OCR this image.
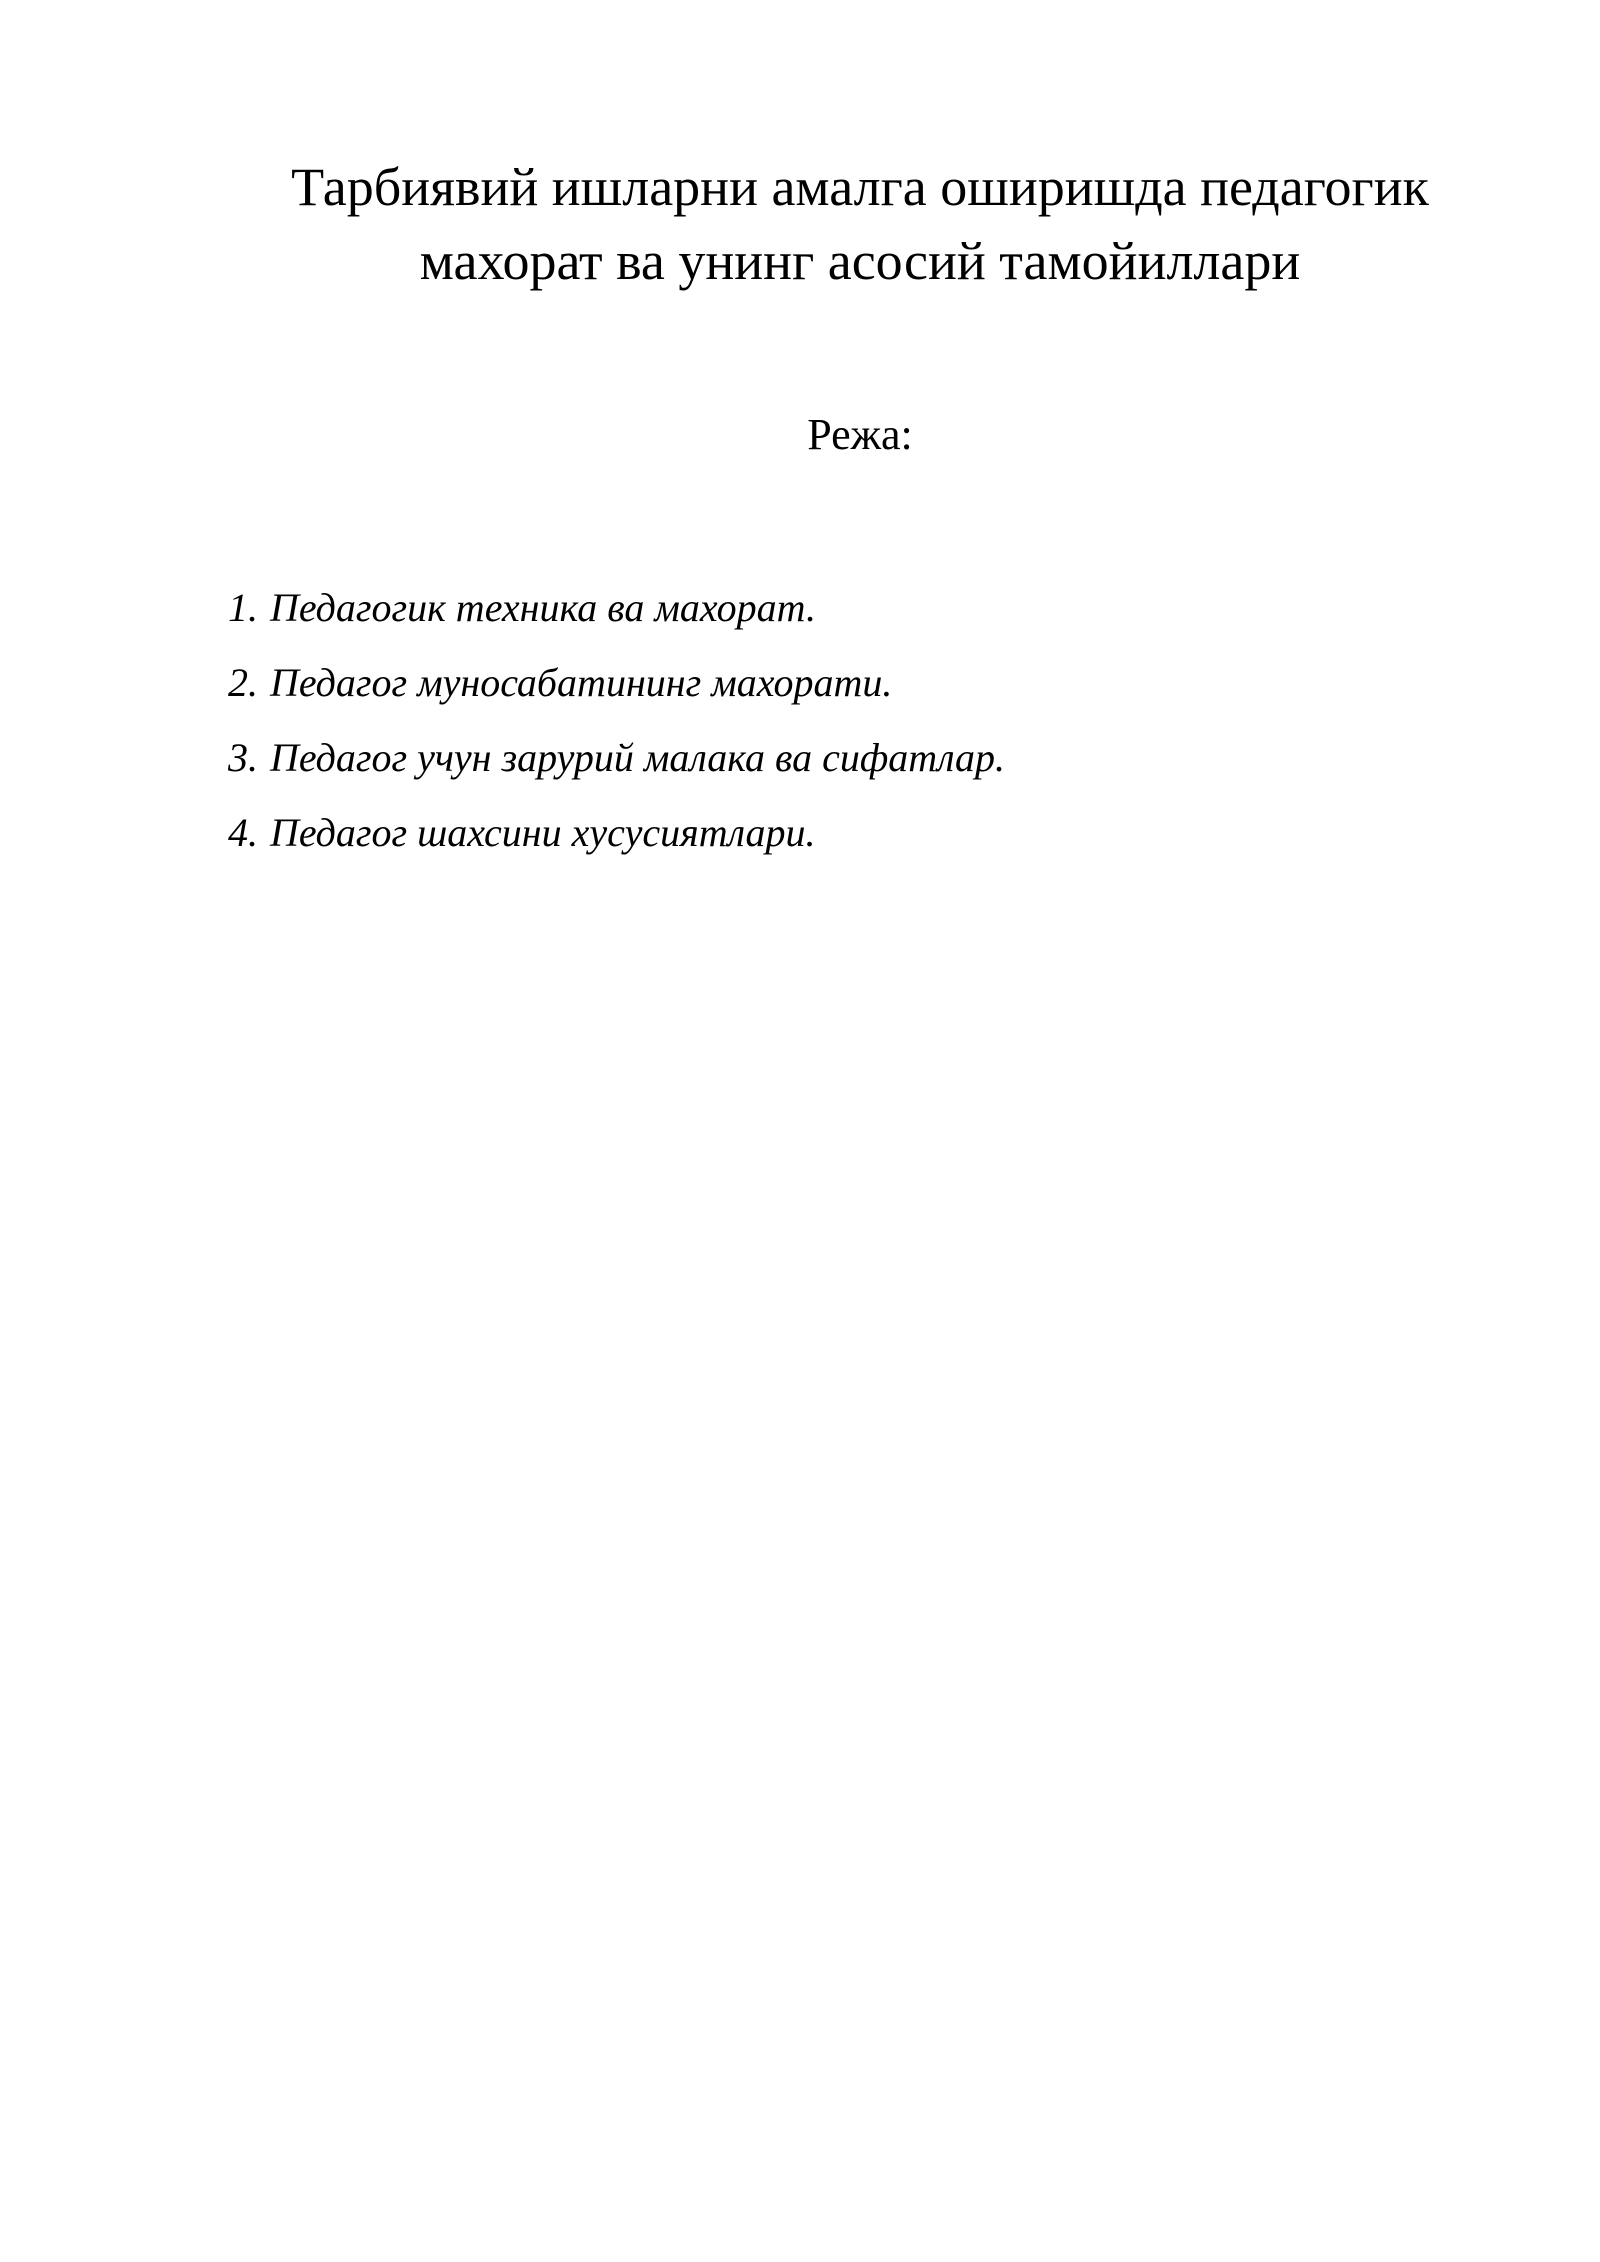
Тарбиявий ишларни амалга оширишда педагогик
махорат ва унинг асосий тамойиллари
Режа:
1. Педагогик техника ва махорат.
2. Педагог муносабатининг махорати.
3. Педагог учун зарурий малака ва сифатлар.
4. Педагог шахсини хусусиятлари.
